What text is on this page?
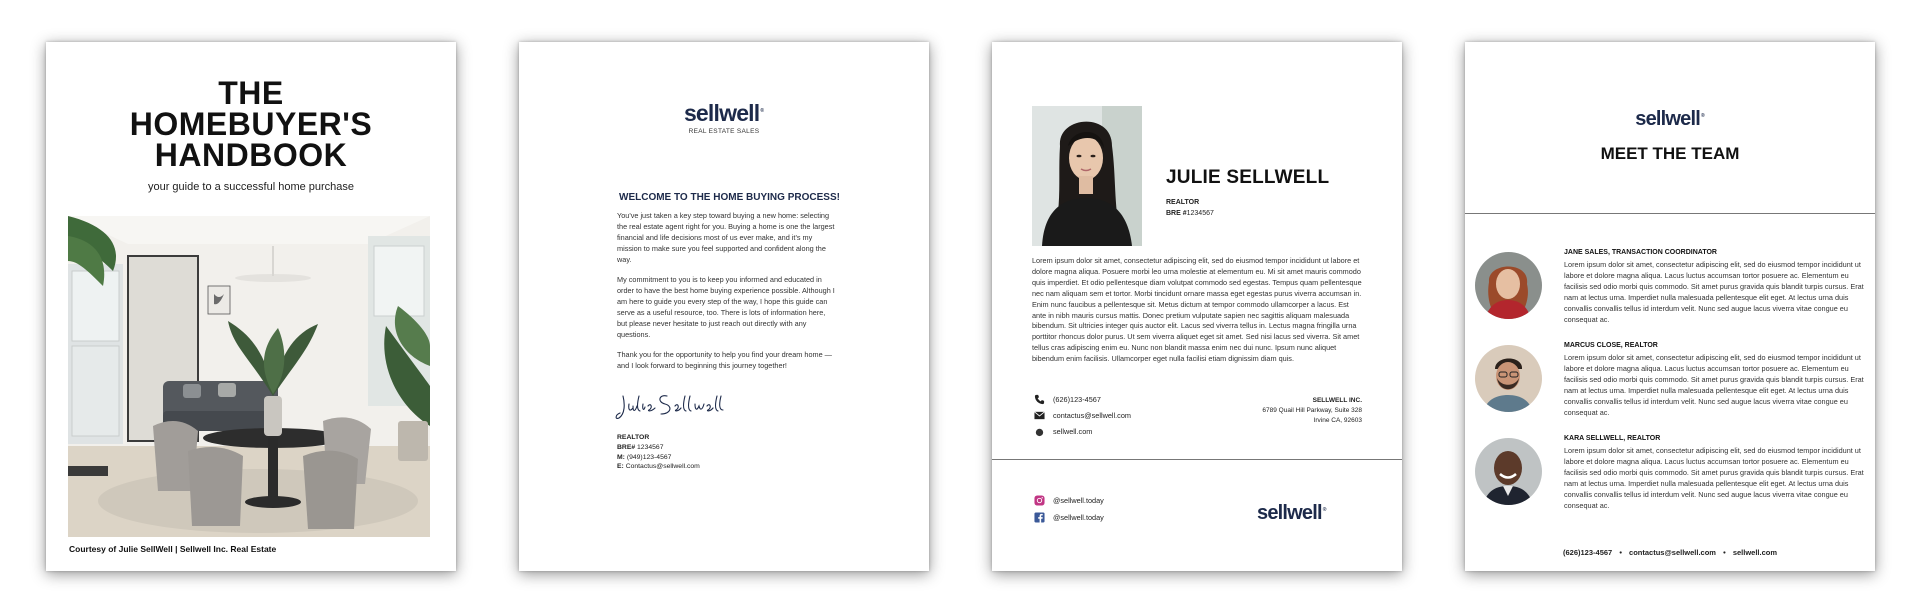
THE
HOMEBUYER'S
HANDBOOK
your guide to a successful home purchase
Courtesy of Julie SellWell | Sellwell Inc. Real Estate
sellwell®
REAL ESTATE SALES
WELCOME TO THE HOME BUYING PROCESS!
You've just taken a key step toward buying a new home: selecting the real estate agent right for you. Buying a home is one the largest financial and life decisions most of us ever make, and it's my mission to make sure you feel supported and confident along the way.
My commitment to you is to keep you informed and educated in order to have the best home buying experience possible. Although I am here to guide you every step of the way, I hope this guide can serve as a useful resource, too. There is lots of information here, but please never hesitate to just reach out directly with any questions.
Thank you for the opportunity to help you find your dream home — and I look forward to beginning this journey together!
REALTOR
BRE# 1234567
M: (949)123-4567
E: Contactus@sellwell.com
JULIE SELLWELL
REALTOR
BRE #1234567
Lorem ipsum dolor sit amet, consectetur adipiscing elit, sed do eiusmod tempor incididunt ut labore et dolore magna aliqua. Posuere morbi leo urna molestie at elementum eu. Mi sit amet mauris commodo quis imperdiet. Et odio pellentesque diam volutpat commodo sed egestas. Tempus quam pellentesque nec nam aliquam sem et tortor. Morbi tincidunt ornare massa eget egestas purus viverra accumsan in. Enim nunc faucibus a pellentesque sit. Metus dictum at tempor commodo ullamcorper a lacus. Est ante in nibh mauris cursus mattis. Donec pretium vulputate sapien nec sagittis aliquam malesuada bibendum. Sit ultricies integer quis auctor elit. Lacus sed viverra tellus in. Lectus magna fringilla urna porttitor rhoncus dolor purus. Ut sem viverra aliquet eget sit amet. Sed nisi lacus sed viverra. Sit amet tellus cras adipiscing enim eu. Nunc non blandit massa enim nec dui nunc. Ipsum nunc aliquet bibendum enim facilisis. Ullamcorper eget nulla facilisi etiam dignissim diam quis.
(626)123-4567
contactus@sellwell.com
sellwell.com
SELLWELL INC.
6789 Quail Hill Parkway, Suite 328
Irvine CA, 92603
@sellwell.today
@sellwell.today	sellwell®
sellwell®
MEET THE TEAM
JANE SALES, TRANSACTION COORDINATOR
Lorem ipsum dolor sit amet, consectetur adipiscing elit, sed do eiusmod tempor incididunt ut labore et dolore magna aliqua. Lacus luctus accumsan tortor posuere ac. Elementum eu facilisis sed odio morbi quis commodo. Sit amet purus gravida quis blandit turpis cursus. Erat nam at lectus urna. Imperdiet nulla malesuada pellentesque elit eget. At lectus urna duis convallis convallis tellus id interdum velit. Nunc sed augue lacus viverra vitae congue eu consequat ac.
MARCUS CLOSE, REALTOR
Lorem ipsum dolor sit amet, consectetur adipiscing elit, sed do eiusmod tempor incididunt ut labore et dolore magna aliqua. Lacus luctus accumsan tortor posuere ac. Elementum eu facilisis sed odio morbi quis commodo. Sit amet purus gravida quis blandit turpis cursus. Erat nam at lectus urna. Imperdiet nulla malesuada pellentesque elit eget. At lectus urna duis convallis convallis tellus id interdum velit. Nunc sed augue lacus viverra vitae congue eu consequat ac.
KARA SELLWELL, REALTOR
Lorem ipsum dolor sit amet, consectetur adipiscing elit, sed do eiusmod tempor incididunt ut labore et dolore magna aliqua. Lacus luctus accumsan tortor posuere ac. Elementum eu facilisis sed odio morbi quis commodo. Sit amet purus gravida quis blandit turpis cursus. Erat nam at lectus urna. Imperdiet nulla malesuada pellentesque elit eget. At lectus urna duis convallis convallis tellus id interdum velit. Nunc sed augue lacus viverra vitae congue eu consequat ac.
(626)123-4567 • contactus@sellwell.com • sellwell.com
